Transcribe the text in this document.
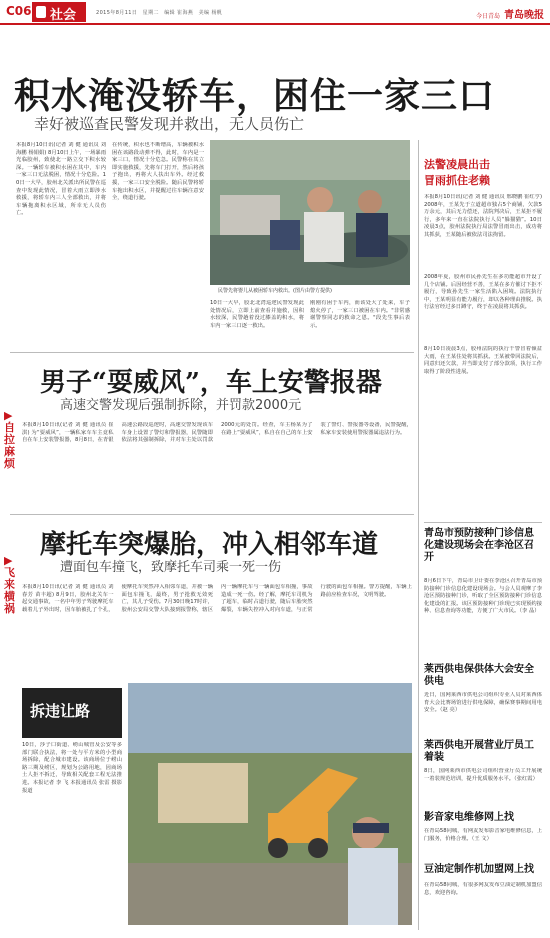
C06	社会	2015年8月11日　星期二　编辑 崔海燕　美编 杨帆	今日青岛 青岛晚报
积水淹没轿车，困住一家三口
幸好被巡查民警发现并救出，无人员伤亡
本报8月10日讯(记者 刘 健 通讯员 刘海鹏 杨娟娟) 8月10日上午，一场暴雨光临胶州，致使北一路立交下积水较深。一辆轿车被积水困在其中，车内一家三口无法脱困，情况十分危险。10日一大早，胶州北关派出所民警在巡查中发现此情况，冒着大雨立即涉水救援，将轿车内三人全部救出，并将车辆拖离积水区域，所幸无人员伤亡。
在传统，积水也不断增高，车辆被积水困在该路段动弹不得，此时，车内是一家三口，情况十分危急。民警称在其立即实施救援，先将车门打开，然后将孩子抱出，再将大人扶出车外。经过救援，一家三口安全脱险。随后民警将轿车拖出积水区，并提醒过往车辆注意安全，绕道行驶。
民警先将婴儿从被困轿车内救出。(图片由警方提供)
10日一大早，胶北北湾巡逻民警发现此处情况后，立即上前查看并施救，因积水较深，民警趟着没过膝盖的积水，将车内一家三口逐一救出。
刚刚有困于车内，而该处大了处来，车子熄火停了，一家三口被困在车内。"非常感谢警察同志的救命之恩。"段先生事后表示。
▶自拉麻烦
▶飞来横祸
男子“耍威风”，车上安警报器
高速交警发现后强制拆除，并罚款2000元
本报8月10日讯(记者 刘 健 通讯员 崔 淇) 为“耍威风”，一辆私家车车主竟私自在车上安装警报器，8月8日，在青银高速公路段巡逻时，高速交警发现该车车身上设置了警灯和警报器，民警随即依法将其强制拆除，并对车主处以罚款2000元的处罚。经查，车主杨某为了在路上“耍威风”，私自在自己的车上安装了警灯、警报器等设备，民警提醒，私家车安装使用警报器属违法行为。
摩托车突爆胎，冲入相邻车道
遭面包车撞飞，致摩托车司乘一死一伤
本报8月10日讯(记者 刘 健 通讯员 刘春芳 苗丰超) 8月9日，胶州北关车一起交通事故，一名中年男子驾驶摩托车载着儿子外出时，因车胎被扎了个孔，使摩托车突然冲入相邻车道，并被一辆面包车撞飞，最终，男子抢救无效死亡，其儿子受伤。7月30日晚17时许，胶州公安局交警大队接到报警称，辖区内一辆摩托车与一辆面包车相撞，事故造成一死一伤。经了解，摩托车司机为了超车，临时占道行驶，随后车胎突然爆裂，车辆失控冲入对向车道，与正常行驶的面包车相撞。警方提醒，车辆上路前应检查车况，文明驾驶。
拆违让路
10日，莎子口街道、崂山城管及公安等多部门联合执法，将一处与平方米的小型商场拆除，配合城市建设。该商场位于崂山路三期及崂区，规划为公路用地，因商场土人拒不拆迁，导致相关配套工程无法推进。本报记者 李 飞 本报通讯员 张雷 摄影报道
法警凌晨出击
冒雨抓住老赖
本报8月10日讯(记者 刘 健 通讯员 邢晓鹏 崔红亨) 2008年，王某先于立道超市独占5个商铺，欠款5万余元，其后无力偿还，法院判决后，王某拒不履行，多年来一直在法院执行人员“躲猫猫”。10日凌晨3点，胶州法院执行局法警冒雨出击，成功将其抓获，王某随后被依法司法拘留。
2008年夏，胶州市民孙先生在多功能超市开设了几个店铺。后因经营不善，王某在多方催讨下拒不履行，导致孙先生一家生活陷入困境。法院执行中，王某明显有能力履行，却以各种理由推脱。执行法官经过多日蹲守，终于在凌晨将其抓获。
8月10日凌晨3点，胶州法院的执行干警冒着倾盆大雨，在王某住处将其抓获。王某被带回法院后，同意归还欠款，并当即支付了部分款项，执行工作取得了阶段性进展。
青岛市预防接种门诊信息化建设现场会在李沧区召开
8月6日下午，青岛市卫计委在李沧区召开青岛市预防接种门诊信息化建设现场会。与会人员观摩了李沧区预防接种门诊，听取了全区预防接种门诊信息化建设的汇报。该区预防接种门诊现已实现预约接种、信息查询等功能，方便了广大市民。（李 晶）
莱西供电保供体大会安全供电
近日，国网莱西市供电公司组织专业人员对莱西体育大会比赛场馆进行供电保障，确保赛事期间用电安全。（赵 亮）
莱西供电开展营业厅员工着装
8日，国网莱西市供电公司组织营业厅员工开展统一着装规范培训，提升优质服务水平。（张红霞）
影音家电维修网上找
在青岛58同城，有网友发布影音家电维修信息，上门服务，价格合理。（王 文）
豆油定制作机加盟网上找
在青岛58同城，有很多网友发布豆油定制机加盟信息，欢迎咨询。
